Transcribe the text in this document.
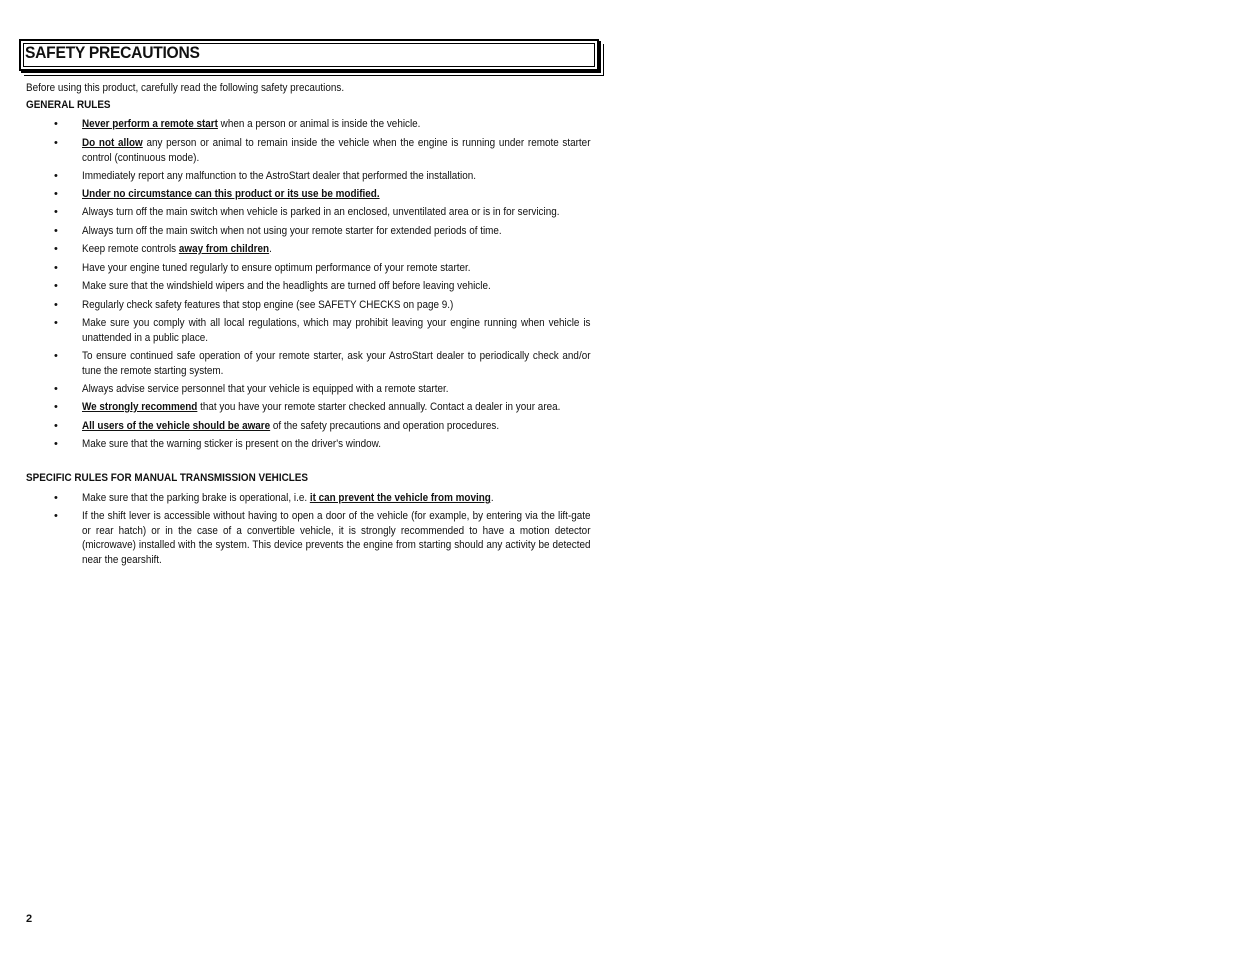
SAFETY PRECAUTIONS
Before using this product, carefully read the following safety precautions.
GENERAL RULES
• Never perform a remote start when a person or animal is inside the vehicle.
• Do not allow any person or animal to remain inside the vehicle when the engine is running under remote starter control (continuous mode).
• Immediately report any malfunction to the AstroStart dealer that performed the installation.
• Under no circumstance can this product or its use be modified.
• Always turn off the main switch when vehicle is parked in an enclosed, unventilated area or is in for servicing.
• Always turn off the main switch when not using your remote starter for extended periods of time.
• Keep remote controls away from children.
• Have your engine tuned regularly to ensure optimum performance of your remote starter.
• Make sure that the windshield wipers and the headlights are turned off before leaving vehicle.
• Regularly check safety features that stop engine (see SAFETY CHECKS on page 9.)
• Make sure you comply with all local regulations, which may prohibit leaving your engine running when vehicle is unattended in a public place.
• To ensure continued safe operation of your remote starter, ask your AstroStart dealer to periodically check and/or tune the remote starting system.
• Always advise service personnel that your vehicle is equipped with a remote starter.
• We strongly recommend that you have your remote starter checked annually. Contact a dealer in your area.
• All users of the vehicle should be aware of the safety precautions and operation procedures.
• Make sure that the warning sticker is present on the driver's window.
SPECIFIC RULES FOR MANUAL TRANSMISSION VEHICLES
• Make sure that the parking brake is operational, i.e. it can prevent the vehicle from moving.
• If the shift lever is accessible without having to open a door of the vehicle (for example, by entering via the lift-gate or rear hatch) or in the case of a convertible vehicle, it is strongly recommended to have a motion detector (microwave) installed with the system. This device prevents the engine from starting should any activity be detected near the gearshift.
2
